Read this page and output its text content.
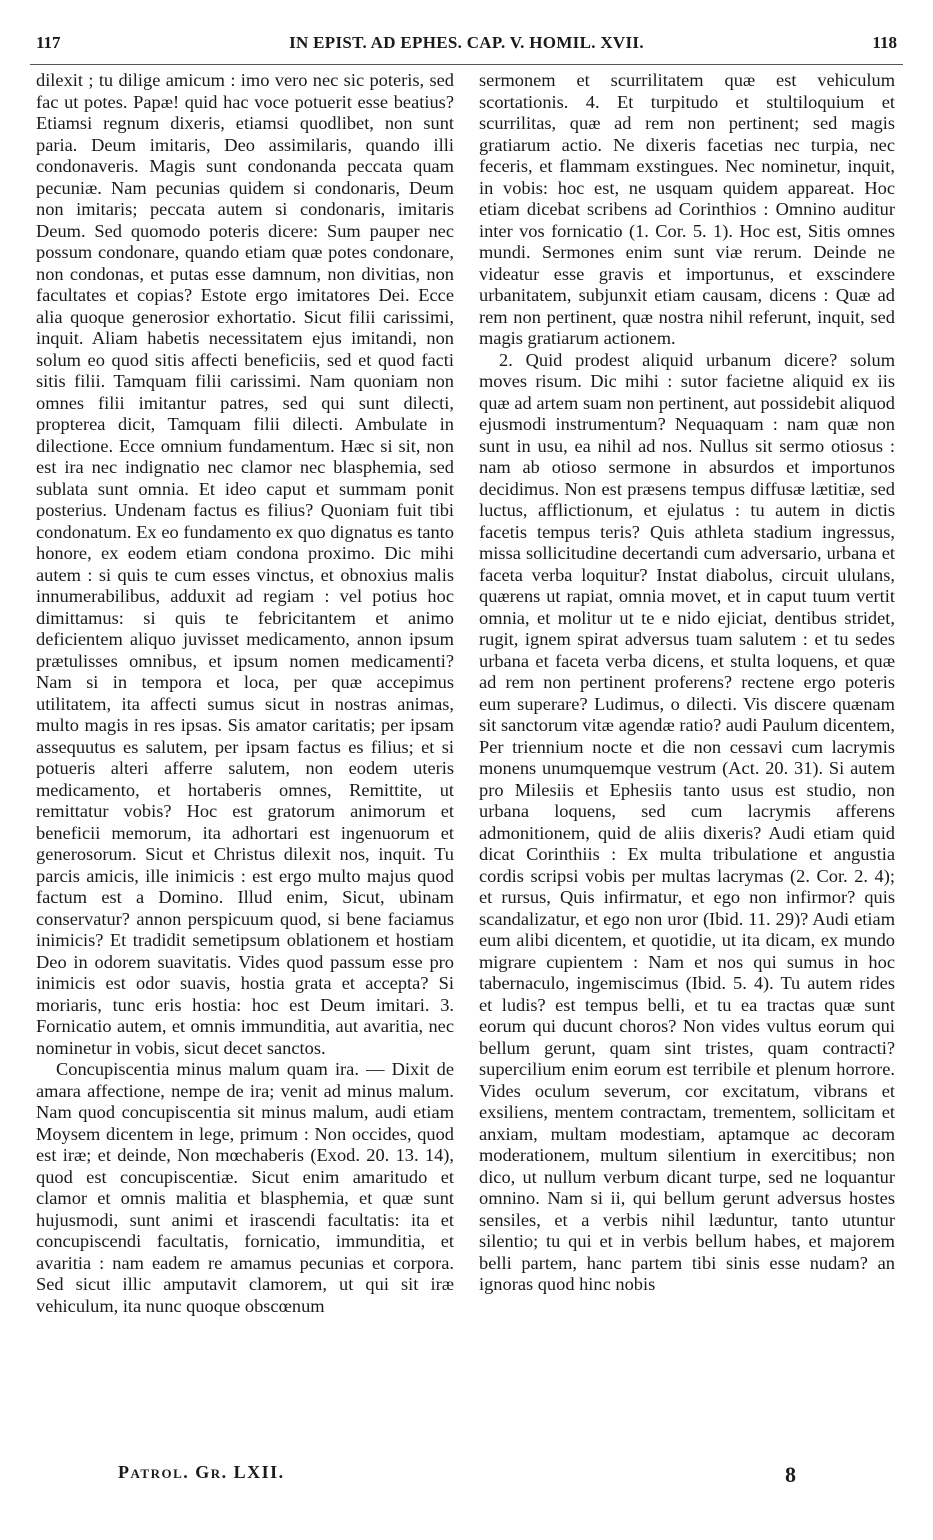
117	IN EPIST. AD EPHES. CAP. V. HOMIL. XVII.	118

dilexit ; tu dilige amicum : imo vero nec sic poteris, sed fac ut potes. Papæ! quid hac voce potuerit esse beatius? Etiamsi regnum dixeris, etiamsi quodlibet, non sunt paria. Deum imitaris, Deo assimilaris, quando illi condonaveris. Magis sunt condonanda peccata quam pecuniæ. Nam pecunias quidem si condonaris, Deum non imitaris; peccata autem si condonaris, imitaris Deum. Sed quomodo poteris dicere: Sum pauper nec possum condonare, quando etiam quæ potes condonare, non condonas, et putas esse damnum, non divitias, non facultates et copias? Estote ergo imitatores Dei. Ecce alia quoque generosior exhortatio. Sicut filii carissimi, inquit. Aliam habetis necessitatem ejus imitandi, non solum eo quod sitis affecti beneficiis, sed et quod facti sitis filii. Tamquam filii carissimi. Nam quoniam non omnes filii imitantur patres, sed qui sunt dilecti, propterea dicit, Tamquam filii dilecti. Ambulate in dilectione. Ecce omnium fundamentum. Hæc si sit, non est ira nec indignatio nec clamor nec blasphemia, sed sublata sunt omnia. Et ideo caput et summam ponit posterius. Undenam factus es filius? Quoniam fuit tibi condonatum. Ex eo fundamento ex quo dignatus es tanto honore, ex eodem etiam condona proximo. Dic mihi autem : si quis te cum esses vinctus, et obnoxius malis innumerabilibus, adduxit ad regiam : vel potius hoc dimittamus: si quis te febricitantem et animo deficientem aliquo juvisset medicamento, annon ipsum prætulisses omnibus, et ipsum nomen medicamenti? Nam si in tempora et loca, per quæ accepimus utilitatem, ita affecti sumus sicut in nostras animas, multo magis in res ipsas. Sis amator caritatis; per ipsam assequutus es salutem, per ipsam factus es filius; et si potueris alteri afferre salutem, non eodem uteris medicamento, et hortaberis omnes, Remittite, ut remittatur vobis? Hoc est gratorum animorum et beneficii memorum, ita adhortari est ingenuorum et generosorum. Sicut et Christus dilexit nos, inquit. Tu parcis amicis, ille inimicis : est ergo multo majus quod factum est a Domino. Illud enim, Sicut, ubinam conservatur? annon perspicuum quod, si bene faciamus inimicis? Et tradidit semetipsum oblationem et hostiam Deo in odorem suavitatis. Vides quod passum esse pro inimicis est odor suavis, hostia grata et accepta? Si moriaris, tunc eris hostia: hoc est Deum imitari. 3. Fornicatio autem, et omnis immunditia, aut avaritia, nec nominetur in vobis, sicut decet sanctos.

Concupiscentia minus malum quam ira. — Dixit de amara affectione, nempe de ira; venit ad minus malum. Nam quod concupiscentia sit minus malum, audi etiam Moysem dicentem in lege, primum : Non occides, quod est iræ; et deinde, Non mœchaberis (Exod. 20. 13. 14), quod est concupiscentiæ. Sicut enim amaritudo et clamor et omnis malitia et blasphemia, et quæ sunt hujusmodi, sunt animi et irascendi facultatis: ita et concupiscendi facultatis, fornicatio, immunditia, et avaritia : nam eadem re amamus pecunias et corpora. Sed sicut illic amputavit clamorem, ut qui sit iræ vehiculum, ita nunc quoque obscœnum

sermonem et scurrilitatem quæ est vehiculum scortationis. 4. Et turpitudo et stultiloquium et scurrilitas, quæ ad rem non pertinent; sed magis gratiarum actio. Ne dixeris facetias nec turpia, nec feceris, et flammam exstingues. Nec nominetur, inquit, in vobis: hoc est, ne usquam quidem appareat. Hoc etiam dicebat scribens ad Corinthios : Omnino auditur inter vos fornicatio (1. Cor. 5. 1). Hoc est, Sitis omnes mundi. Sermones enim sunt viæ rerum. Deinde ne videatur esse gravis et importunus, et exscindere urbanitatem, subjunxit etiam causam, dicens : Quæ ad rem non pertinent, quæ nostra nihil referunt, inquit, sed magis gratiarum actionem.

2. Quid prodest aliquid urbanum dicere? solum moves risum. Dic mihi : sutor facietne aliquid ex iis quæ ad artem suam non pertinent, aut possidebit aliquod ejusmodi instrumentum? Nequaquam : nam quæ non sunt in usu, ea nihil ad nos. Nullus sit sermo otiosus : nam ab otioso sermone in absurdos et importunos decidimus. Non est præsens tempus diffusæ lætitiæ, sed luctus, afflictionum, et ejulatus : tu autem in dictis facetis tempus teris? Quis athleta stadium ingressus, missa sollicitudine decertandi cum adversario, urbana et faceta verba loquitur? Instat diabolus, circuit ululans, quærens ut rapiat, omnia movet, et in caput tuum vertit omnia, et molitur ut te e nido ejiciat, dentibus stridet, rugit, ignem spirat adversus tuam salutem : et tu sedes urbana et faceta verba dicens, et stulta loquens, et quæ ad rem non pertinent proferens? rectene ergo poteris eum superare? Ludimus, o dilecti. Vis discere quænam sit sanctorum vitæ agendæ ratio? audi Paulum dicentem, Per triennium nocte et die non cessavi cum lacrymis monens unumquemque vestrum (Act. 20. 31). Si autem pro Milesiis et Ephesiis tanto usus est studio, non urbana loquens, sed cum lacrymis afferens admonitionem, quid de aliis dixeris? Audi etiam quid dicat Corinthiis : Ex multa tribulatione et angustia cordis scripsi vobis per multas lacrymas (2. Cor. 2. 4); et rursus, Quis infirmatur, et ego non infirmor? quis scandalizatur, et ego non uror (Ibid. 11. 29)? Audi etiam eum alibi dicentem, et quotidie, ut ita dicam, ex mundo migrare cupientem : Nam et nos qui sumus in hoc tabernaculo, ingemiscimus (Ibid. 5. 4). Tu autem rides et ludis? est tempus belli, et tu ea tractas quæ sunt eorum qui ducunt choros? Non vides vultus eorum qui bellum gerunt, quam sint tristes, quam contracti? supercilium enim eorum est terribile et plenum horrore. Vides oculum severum, cor excitatum, vibrans et exsiliens, mentem contractam, trementem, sollicitam et anxiam, multam modestiam, aptamque ac decoram moderationem, multum silentium in exercitibus; non dico, ut nullum verbum dicant turpe, sed ne loquantur omnino. Nam si ii, qui bellum gerunt adversus hostes sensiles, et a verbis nihil læduntur, tanto utuntur silentio; tu qui et in verbis bellum habes, et majorem belli partem, hanc partem tibi sinis esse nudam? an ignoras quod hinc nobis

Patrol. Gr. LXII.	8
